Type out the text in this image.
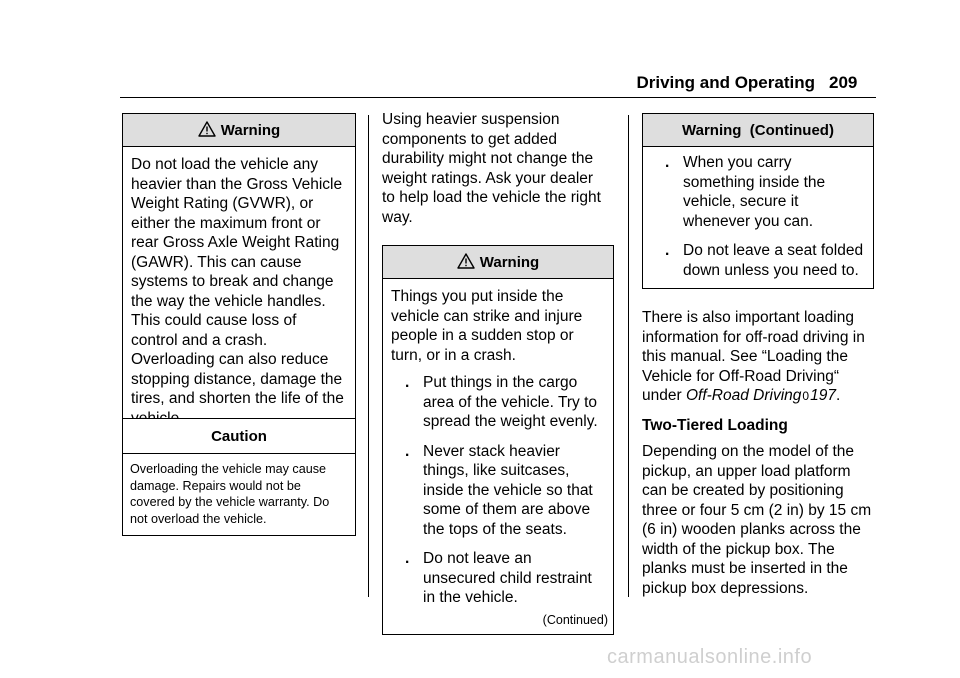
Driving and Operating 209
Warning
Do not load the vehicle any heavier than the Gross Vehicle Weight Rating (GVWR), or either the maximum front or rear Gross Axle Weight Rating (GAWR). This can cause systems to break and change the way the vehicle handles. This could cause loss of control and a crash. Overloading can also reduce stopping distance, damage the tires, and shorten the life of the
Caution
Overloading the vehicle may cause damage. Repairs would not be covered by the vehicle warranty. Do not overload the vehicle.

Using heavier suspension components to get added durability might not change the weight ratings. Ask your dealer to help load the vehicle the right way.

Warning

Things you put inside the vehicle can strike and injure people in a sudden stop or turn, or in a crash.

. Put things in the cargo area of the vehicle. Try to spread the weight evenly.

. Never stack heavier things, like suitcases, inside the vehicle so that some of them are above the tops of the seats.

. Do not leave an unsecured child restraint in the vehicle.

(Continued)
Warning  (Continued)

. When you carry something inside the vehicle, secure it whenever you can.

. Do not leave a seat folded down unless you need to.

There is also important loading information for off-road driving in this manual. See “Loading the Vehicle for Off-Road Driving“ under Off-Road Driving0197.

Two-Tiered Loading

Depending on the model of the pickup, an upper load platform can be created by positioning three or four 5 cm (2 in) by 15 cm (6 in) wooden planks across the width of the pickup box. The planks must be inserted in the pickup box depressions.

carmanualsonline.info
